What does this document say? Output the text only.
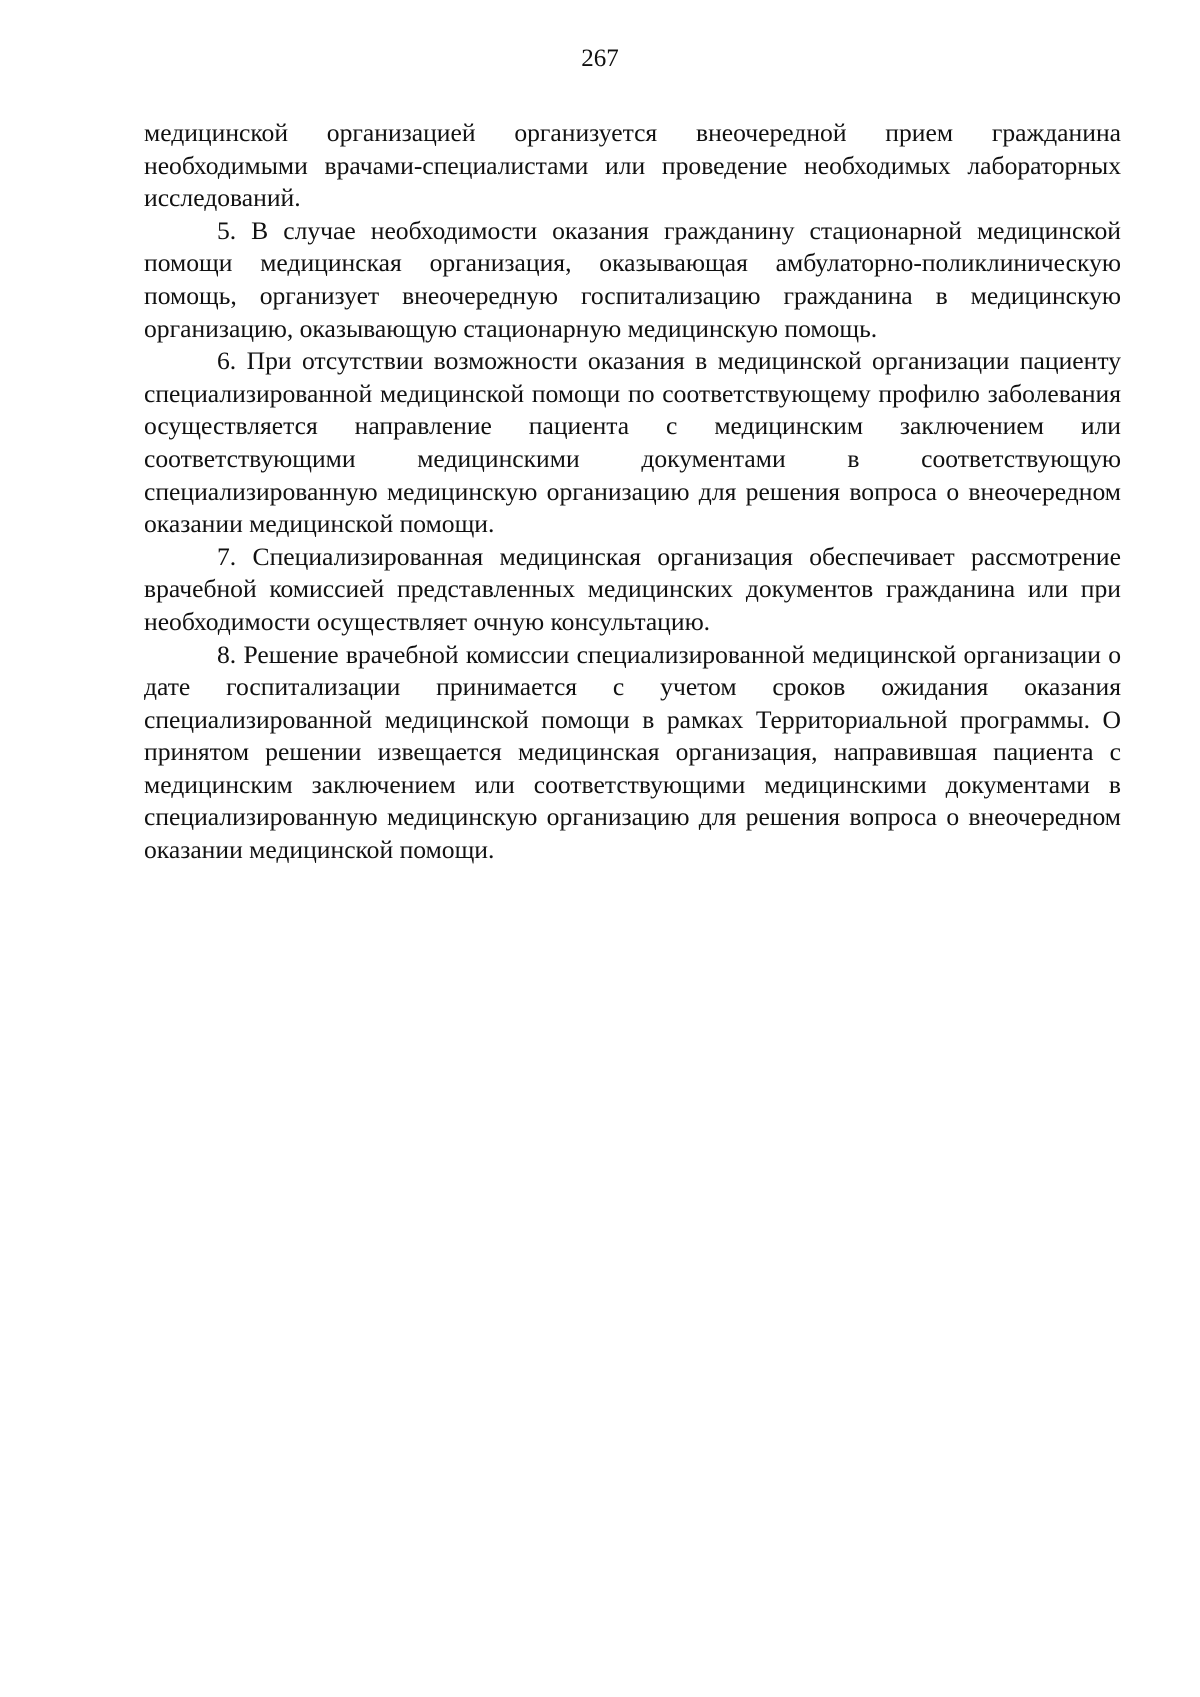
267

медицинской организацией организуется внеочередной прием гражданина необходимыми врачами-специалистами или проведение необходимых лабораторных исследований.

5. В случае необходимости оказания гражданину стационарной медицинской помощи медицинская организация, оказывающая амбулаторно-поликлиническую помощь, организует внеочередную госпитализацию гражданина в медицинскую организацию, оказывающую стационарную медицинскую помощь.

6. При отсутствии возможности оказания в медицинской организации пациенту специализированной медицинской помощи по соответствующему профилю заболевания осуществляется направление пациента с медицинским заключением или соответствующими медицинскими документами в соответствующую специализированную медицинскую организацию для решения вопроса о внеочередном оказании медицинской помощи.

7. Специализированная медицинская организация обеспечивает рассмотрение врачебной комиссией представленных медицинских документов гражданина или при необходимости осуществляет очную консультацию.

8. Решение врачебной комиссии специализированной медицинской организации о дате госпитализации принимается с учетом сроков ожидания оказания специализированной медицинской помощи в рамках Территориальной программы. О принятом решении извещается медицинская организация, направившая пациента с медицинским заключением или соответствующими медицинскими документами в специализированную медицинскую организацию для решения вопроса о внеочередном оказании медицинской помощи.
